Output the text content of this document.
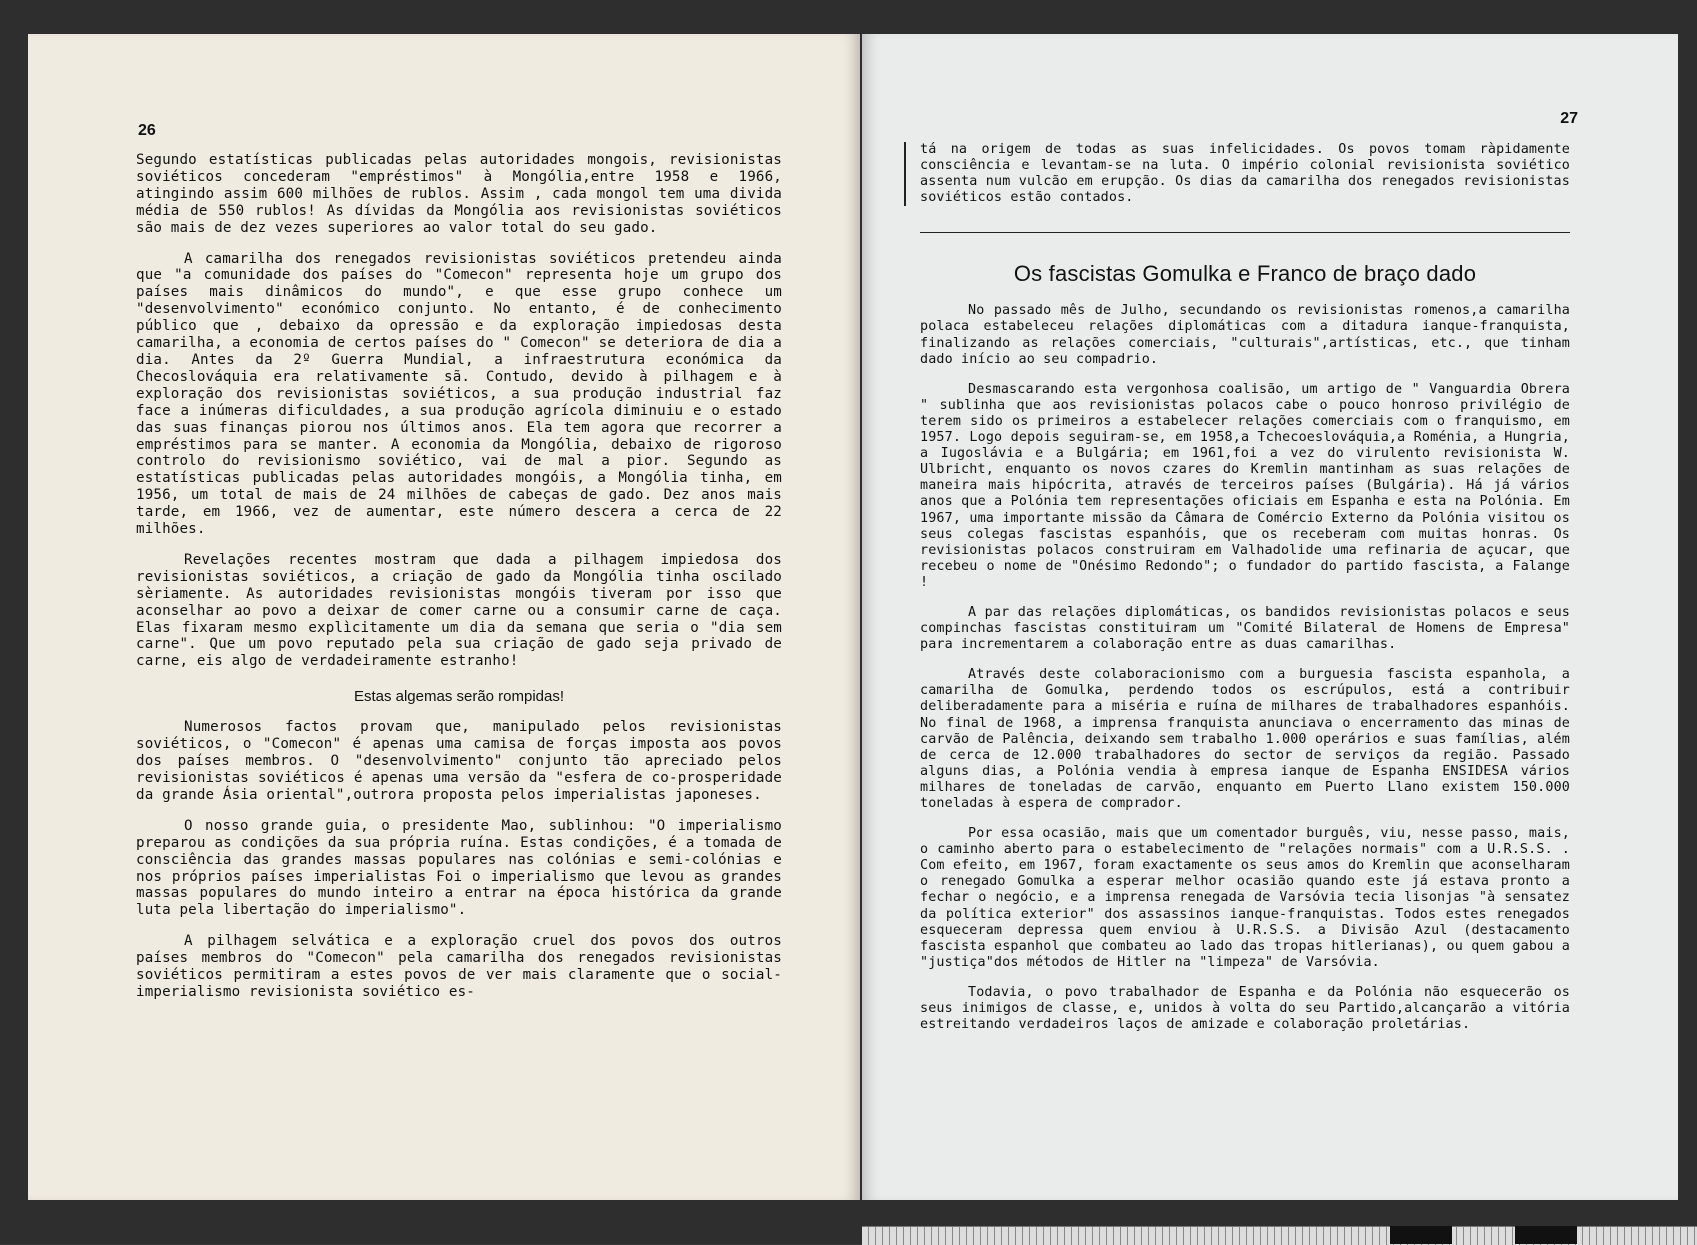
26

Segundo estatísticas publicadas pelas autoridades mongois, revisionistas soviéticos concederam "empréstimos" à Mongólia,entre 1958 e 1966, atingindo assim 600 milhões de rublos. Assim , cada mongol tem uma divida média de 550 rublos! As dívidas da Mongólia aos revisionistas soviéticos são mais de dez vezes superiores ao valor total do seu gado.

A camarilha dos renegados revisionistas soviéticos pretendeu ainda que "a comunidade dos países do "Comecon" representa hoje um grupo dos países mais dinâmicos do mundo", e que esse grupo conhece um "desenvolvimento" económico conjunto. No entanto, é de conhecimento público que , debaixo da opressão e da exploração impiedosas desta camarilha, a economia de certos países do " Comecon" se deteriora de dia a dia. Antes da 2º Guerra Mundial, a infraestrutura económica da Checoslováquia era relativamente sã. Contudo, devido à pilhagem e à exploração dos revisionistas soviéticos, a sua produção industrial faz face a inúmeras dificuldades, a sua produção agrícola diminuiu e o estado das suas finanças piorou nos últimos anos. Ela tem agora que recorrer a empréstimos para se manter. A economia da Mongólia, debaixo de rigoroso controlo do revisionismo soviético, vai de mal a pior. Segundo as estatísticas publicadas pelas autoridades mongóis, a Mongólia tinha, em 1956, um total de mais de 24 milhões de cabeças de gado. Dez anos mais tarde, em 1966, vez de aumentar, este número descera a cerca de 22 milhões.

Revelações recentes mostram que dada a pilhagem impiedosa dos revisionistas soviéticos, a criação de gado da Mongólia tinha oscilado sèriamente. As autoridades revisionistas mongóis tiveram por isso que aconselhar ao povo a deixar de comer carne ou a consumir carne de caça. Elas fixaram mesmo explìcitamente um dia da semana que seria o "dia sem carne". Que um povo reputado pela sua criação de gado seja privado de carne, eis algo de verdadeiramente estranho!

Estas algemas serão rompidas!

Numerosos factos provam que, manipulado pelos revisionistas soviéticos, o "Comecon" é apenas uma camisa de forças imposta aos povos dos países membros. O "desenvolvimento" conjunto tão apreciado pelos revisionistas soviéticos é apenas uma versão da "esfera de co-prosperidade da grande Ásia oriental",outrora proposta pelos imperialistas japoneses.

O nosso grande guia, o presidente Mao, sublinhou: "O imperialismo preparou as condições da sua própria ruína. Estas condições, é a tomada de consciência das grandes massas populares nas colónias e semi-colónias e nos próprios países imperialistas Foi o imperialismo que levou as grandes massas populares do mundo inteiro a entrar na época histórica da grande luta pela libertação do imperialismo".

A pilhagem selvática e a exploração cruel dos povos dos outros países membros do "Comecon" pela camarilha dos renegados revisionistas soviéticos permitiram a estes povos de ver mais claramente que o social-imperialismo revisionista soviético es-

27

tá na origem de todas as suas infelicidades. Os povos tomam ràpidamente consciência e levantam-se na luta. O império colonial revisionista soviético assenta num vulcão em erupção. Os dias da camarilha dos renegados revisionistas soviéticos estão contados.

Os fascistas Gomulka e Franco de braço dado

No passado mês de Julho, secundando os revisionistas romenos,a camarilha polaca estabeleceu relações diplomáticas com a ditadura ianque-franquista, finalizando as relações comerciais, "culturais",artísticas, etc., que tinham dado início ao seu compadrio.

Desmascarando esta vergonhosa coalisão, um artigo de " Vanguardia Obrera " sublinha que aos revisionistas polacos cabe o pouco honroso privilégio de terem sido os primeiros a estabelecer relações comerciais com o franquismo, em 1957. Logo depois seguiram-se, em 1958,a Tchecoeslováquia,a Roménia, a Hungria, a Iugoslávia e a Bulgária; em 1961,foi a vez do virulento revisionista W. Ulbricht, enquanto os novos czares do Kremlin mantinham as suas relações de maneira mais hipócrita, através de terceiros países (Bulgária). Há já vários anos que a Polónia tem representações oficiais em Espanha e esta na Polónia. Em 1967, uma importante missão da Câmara de Comércio Externo da Polónia visitou os seus colegas fascistas espanhóis, que os receberam com muitas honras. Os revisionistas polacos construiram em Valhadolide uma refinaria de açucar, que recebeu o nome de "Onésimo Redondo"; o fundador do partido fascista, a Falange !

A par das relações diplomáticas, os bandidos revisionistas polacos e seus compinchas fascistas constituiram um "Comité Bilateral de Homens de Empresa" para incrementarem a colaboração entre as duas camarilhas.

Através deste colaboracionismo com a burguesia fascista espanhola, a camarilha de Gomulka, perdendo todos os escrúpulos, está a contribuir deliberadamente para a miséria e ruína de milhares de trabalhadores espanhóis. No final de 1968, a imprensa franquista anunciava o encerramento das minas de carvão de Palência, deixando sem trabalho 1.000 operários e suas famílias, além de cerca de 12.000 trabalhadores do sector de serviços da região. Passado alguns dias, a Polónia vendia à empresa ianque de Espanha ENSIDESA vários milhares de toneladas de carvão, enquanto em Puerto Llano existem 150.000 toneladas à espera de comprador.

Por essa ocasião, mais que um comentador burguês, viu, nesse passo, mais, o caminho aberto para o estabelecimento de "relações normais" com a U.R.S.S. . Com efeito, em 1967, foram exactamente os seus amos do Kremlin que aconselharam o renegado Gomulka a esperar melhor ocasião quando este já estava pronto a fechar o negócio, e a imprensa renegada de Varsóvia tecia lisonjas "à sensatez da política exterior" dos assassinos ianque-franquistas. Todos estes renegados esqueceram depressa quem enviou à U.R.S.S. a Divisão Azul (destacamento fascista espanhol que combateu ao lado das tropas hitlerianas), ou quem gabou a "justiça"dos métodos de Hitler na "limpeza" de Varsóvia.

Todavia, o povo trabalhador de Espanha e da Polónia não esquecerão os seus inimigos de classe, e, unidos à volta do seu Partido,alcançarão a vitória estreitando verdadeiros laços de amizade e colaboração proletárias.
